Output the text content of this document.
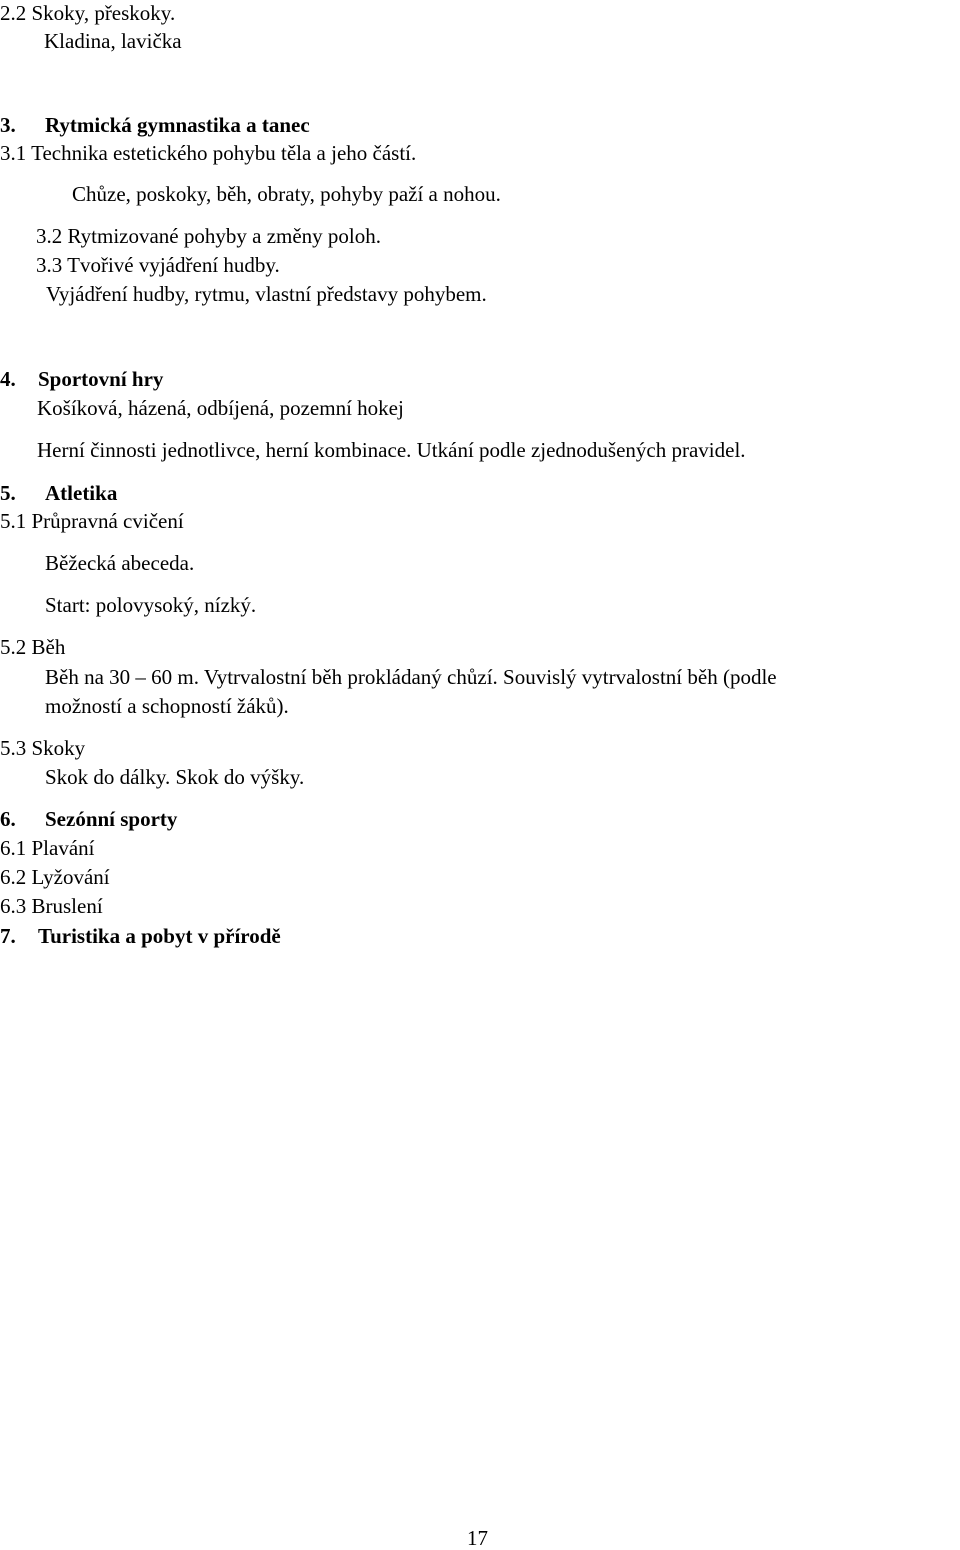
2.2 Skoky, přeskoky.
Kladina, lavička
3. Rytmická gymnastika a tanec
3.1 Technika estetického pohybu těla a jeho částí.
Chůze, poskoky, běh, obraty, pohyby paží a nohou.
3.2 Rytmizované pohyby a změny poloh.
3.3 Tvořivé vyjádření hudby.
Vyjádření hudby, rytmu, vlastní představy pohybem.
4. Sportovní hry
Košíková, házená, odbíjená, pozemní hokej
Herní činnosti jednotlivce, herní kombinace. Utkání podle zjednodušených pravidel.
5. Atletika
5.1 Průpravná cvičení
Běžecká abeceda.
Start: polovysoký, nízký.
5.2 Běh
Běh na 30 – 60 m. Vytrvalostní běh prokládaný chůzí. Souvislý vytrvalostní běh (podle
možností a schopností žáků).
5.3 Skoky
Skok do dálky. Skok do výšky.
6. Sezónní sporty
6.1 Plavání
6.2 Lyžování
6.3 Bruslení
7. Turistika a pobyt v přírodě
17
